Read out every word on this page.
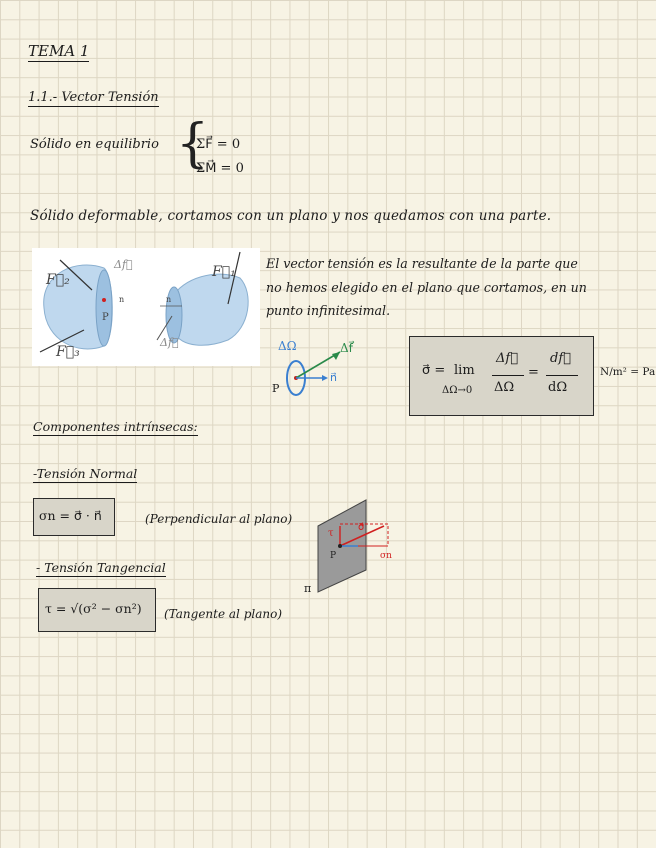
TEMA 1
1.1.- Vector Tensión
Sólido en equilibrio {
ΣF⃗ = 0
ΣM⃗ = 0
Sólido deformable, cortamos con un plano y nos quedamos con una parte.
F⃗₂
F⃗₃
F⃗₁
Δf⃗
Δf⃗
P
n	n
El vector tensión es la resultante de la parte que
no hemos elegido en el plano que cortamos, en un
punto infinitesimal.
ΔΩ	Δf⃗
P
n⃗	σ⃗ = lim
ΔΩ→0
Δf⃗
ΔΩ
=
df⃗
dΩ
N/m² = Pa
Componentes intrínsecas:
-Tensión Normal
σn = σ⃗ · n⃗	(Perpendicular al plano)
- Tensión Tangencial
τ = √(σ² − σn²) (Tangente al plano)
π
τ
P
σ⃗
σn
